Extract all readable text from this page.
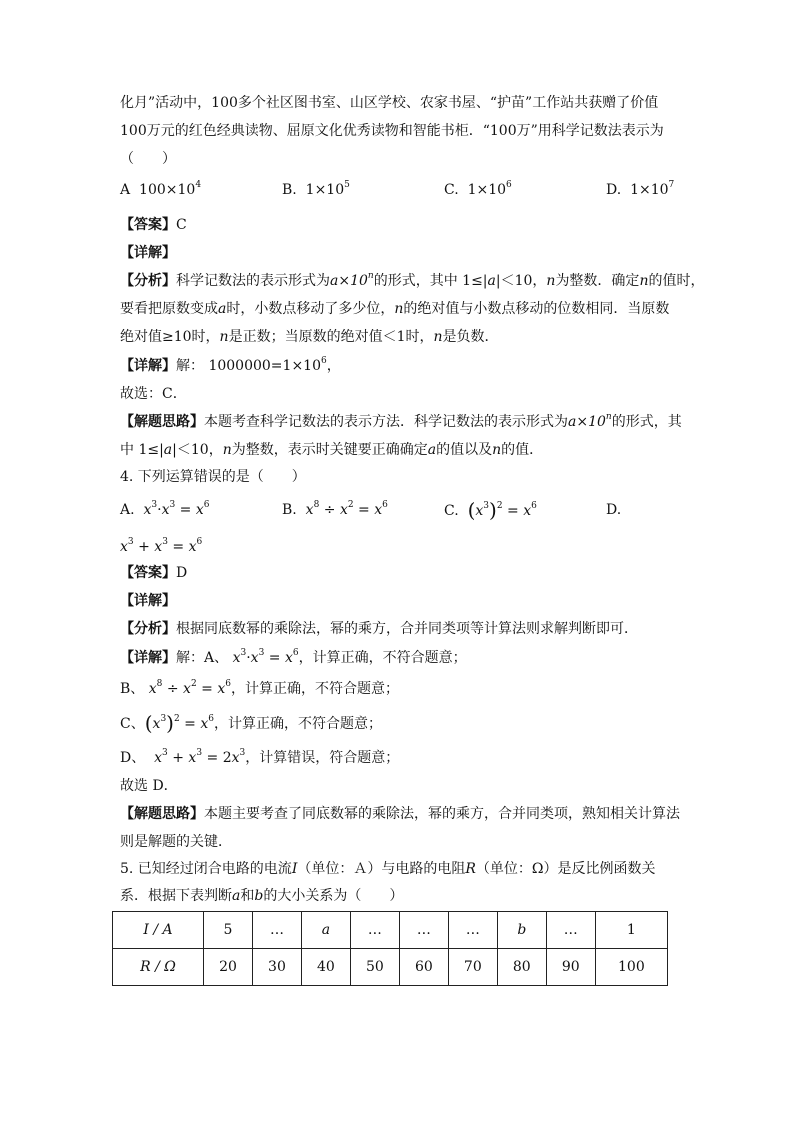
化月”活动中，100多个社区图书室、山区学校、农家书屋、“护苗”工作站共获赠了价值
100万元的红色经典读物、屈原文化优秀读物和智能书柜．“100万”用科学记数法表示为
（　　）
A $100\times 10^4$	B. $1\times 10^5$	C. $1\times 10^6$	D. $1\times 10^7$
【答案】C
【详解】
【分析】科学记数法的表示形式为$a\times 10^n$的形式，其中 1≤|a|＜10，n为整数．确定n的值时，
要看把原数变成a时，小数点移动了多少位，n的绝对值与小数点移动的位数相同．当原数
绝对值≥10时，n是正数；当原数的绝对值＜1时，n是负数．
【详解】解： $1000000=1\times 10^6$，
故选：C．
【解题思路】本题考查科学记数法的表示方法．科学记数法的表示形式为$a\times 10^n$的形式，其
中 1≤|a|＜10，n为整数，表示时关键要正确确定a的值以及n的值．
4. 下列运算错误的是（　　）
A. $x^3\cdot x^3 = x^6$	B. $x^8 \div x^2 = x^6$	C. $(x^3)^2 = x^6$	D.
$x^3 + x^3 = x^6$
【答案】D
【详解】
【分析】根据同底数幂的乘除法，幂的乘方，合并同类项等计算法则求解判断即可．
【详解】解：A、 $x^3\cdot x^3 = x^6$，计算正确，不符合题意；
B、 $x^8 \div x^2 = x^6$，计算正确，不符合题意；
C、$(x^3)^2 = x^6$，计算正确，不符合题意；
D、 $x^3 + x^3 = 2x^3$，计算错误，符合题意；
故选 D．
【解题思路】本题主要考查了同底数幂的乘除法，幂的乘方，合并同类项，熟知相关计算法
则是解题的关键．
5. 已知经过闭合电路的电流I（单位：Ａ）与电路的电阻R（单位：Ω）是反比例函数关
系．根据下表判断a和b的大小关系为（　　）
I / A	5	…	a	…	…	…	b	…	1
R / Ω	20	30	40	50	60	70	80	90	100
